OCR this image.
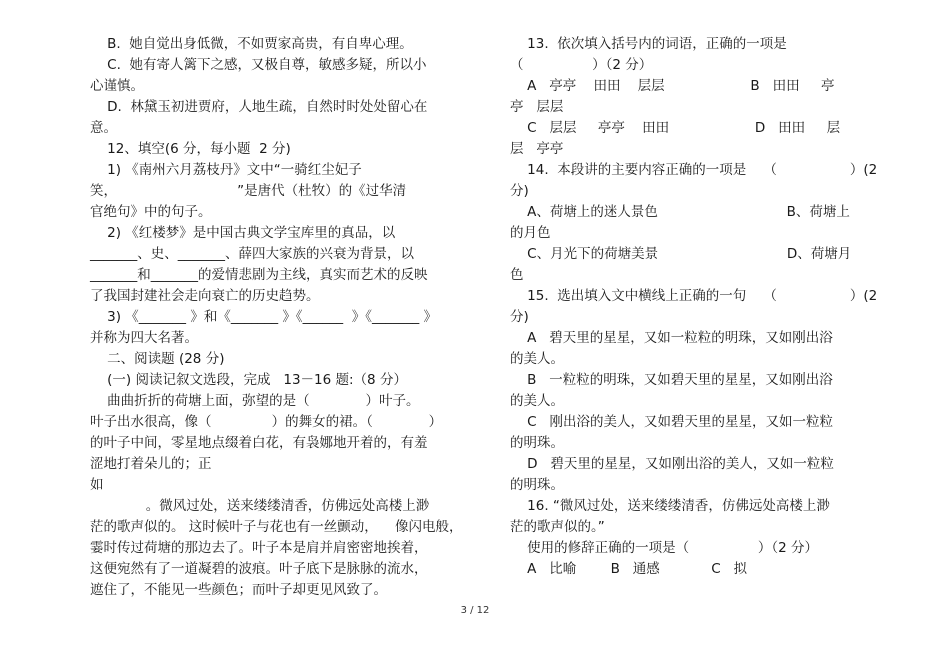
B.  她自觉出身低微，不如贾家高贵，有自卑心理。
C.  她有寄人篱下之感，又极自尊，敏感多疑，所以小
心谨慎。
D.  林黛玉初进贾府，人地生疏，自然时时处处留心在
意。
12、填空(6 分，每小题  2 分)
1) 《南州六月荔枝丹》文中“一骑红尘妃子
笑，                            ”是唐代（杜牧）的《过华清
官绝句》中的句子。
2) 《红楼梦》是中国古典文学宝库里的真品，以
_______、史、_______、薛四大家族的兴衰为背景，以
_______和_______的爱情悲剧为主线，真实而艺术的反映
了我国封建社会走向衰亡的历史趋势。
3) 《_______ 》和《_______ 》《______  》《_______ 》
并称为四大名著。
二、阅读题 (28 分)
(一) 阅读记叙文选段，完成   13－16 题:（8 分）
曲曲折折的荷塘上面，弥望的是（             ）叶子。
叶子出水很高，像（              ）的舞女的裙。（             ）
的叶子中间，零星地点缀着白花，有袅娜地开着的，有羞
涩地打着朵儿的；正
如
。微风过处，送来缕缕清香，仿佛远处高楼上渺
茫的歌声似的。 这时候叶子与花也有一丝颤动，    像闪电般，
霎时传过荷塘的那边去了。叶子本是肩并肩密密地挨着，
这便宛然有了一道凝碧的波痕。叶子底下是脉脉的流水，
遮住了，不能见一些颜色；而叶子却更见风致了。
13.  依次填入括号内的词语，正确的一项是
（                ）（2 分）
A   亭亭    田田    层层                    B   田田     亭
亭   层层
C   层层     亭亭    田田                    D   田田     层
层   亭亭
14.  本段讲的主要内容正确的一项是    （                 ）(2
分)
A、荷塘上的迷人景色                              B、荷塘上
的月色
C、月光下的荷塘美景                              D、荷塘月
色
15.  选出填入文中横线上正确的一句    （                 ）(2
分)
A   碧天里的星星，又如一粒粒的明珠，又如刚出浴
的美人。
B   一粒粒的明珠，又如碧天里的星星，又如刚出浴
的美人。
C   刚出浴的美人，又如碧天里的星星，又如一粒粒
的明珠。
D   碧天里的星星，又如刚出浴的美人，又如一粒粒
的明珠。
16. “微风过处，送来缕缕清香，仿佛远处高楼上渺
茫的歌声似的。”
使用的修辞正确的一项是（                ）（2 分）
A   比喻        B   通感            C   拟
3 / 12
